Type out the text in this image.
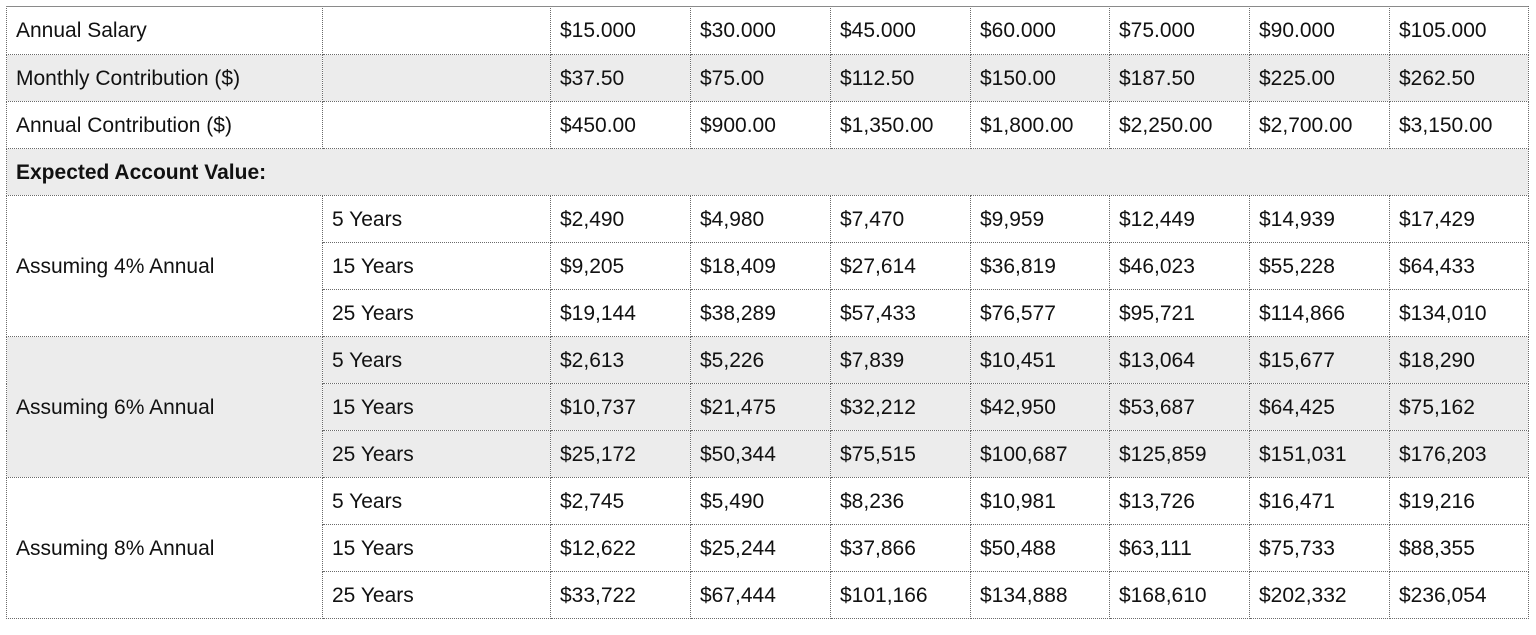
Annual Salary		$15.000	$30.000	$45.000	$60.000	$75.000	$90.000	$105.000
Monthly Contribution ($)		$37.50	$75.00	$112.50	$150.00	$187.50	$225.00	$262.50
Annual Contribution ($)		$450.00	$900.00	$1,350.00	$1,800.00	$2,250.00	$2,700.00	$3,150.00
Expected Account Value:								
Assuming 4% Annual	5 Years	$2,490	$4,980	$7,470	$9,959	$12,449	$14,939	$17,429
	15 Years	$9,205	$18,409	$27,614	$36,819	$46,023	$55,228	$64,433
	25 Years	$19,144	$38,289	$57,433	$76,577	$95,721	$114,866	$134,010
Assuming 6% Annual	5 Years	$2,613	$5,226	$7,839	$10,451	$13,064	$15,677	$18,290
	15 Years	$10,737	$21,475	$32,212	$42,950	$53,687	$64,425	$75,162
	25 Years	$25,172	$50,344	$75,515	$100,687	$125,859	$151,031	$176,203
Assuming 8% Annual	5 Years	$2,745	$5,490	$8,236	$10,981	$13,726	$16,471	$19,216
	15 Years	$12,622	$25,244	$37,866	$50,488	$63,111	$75,733	$88,355
	25 Years	$33,722	$67,444	$101,166	$134,888	$168,610	$202,332	$236,054
